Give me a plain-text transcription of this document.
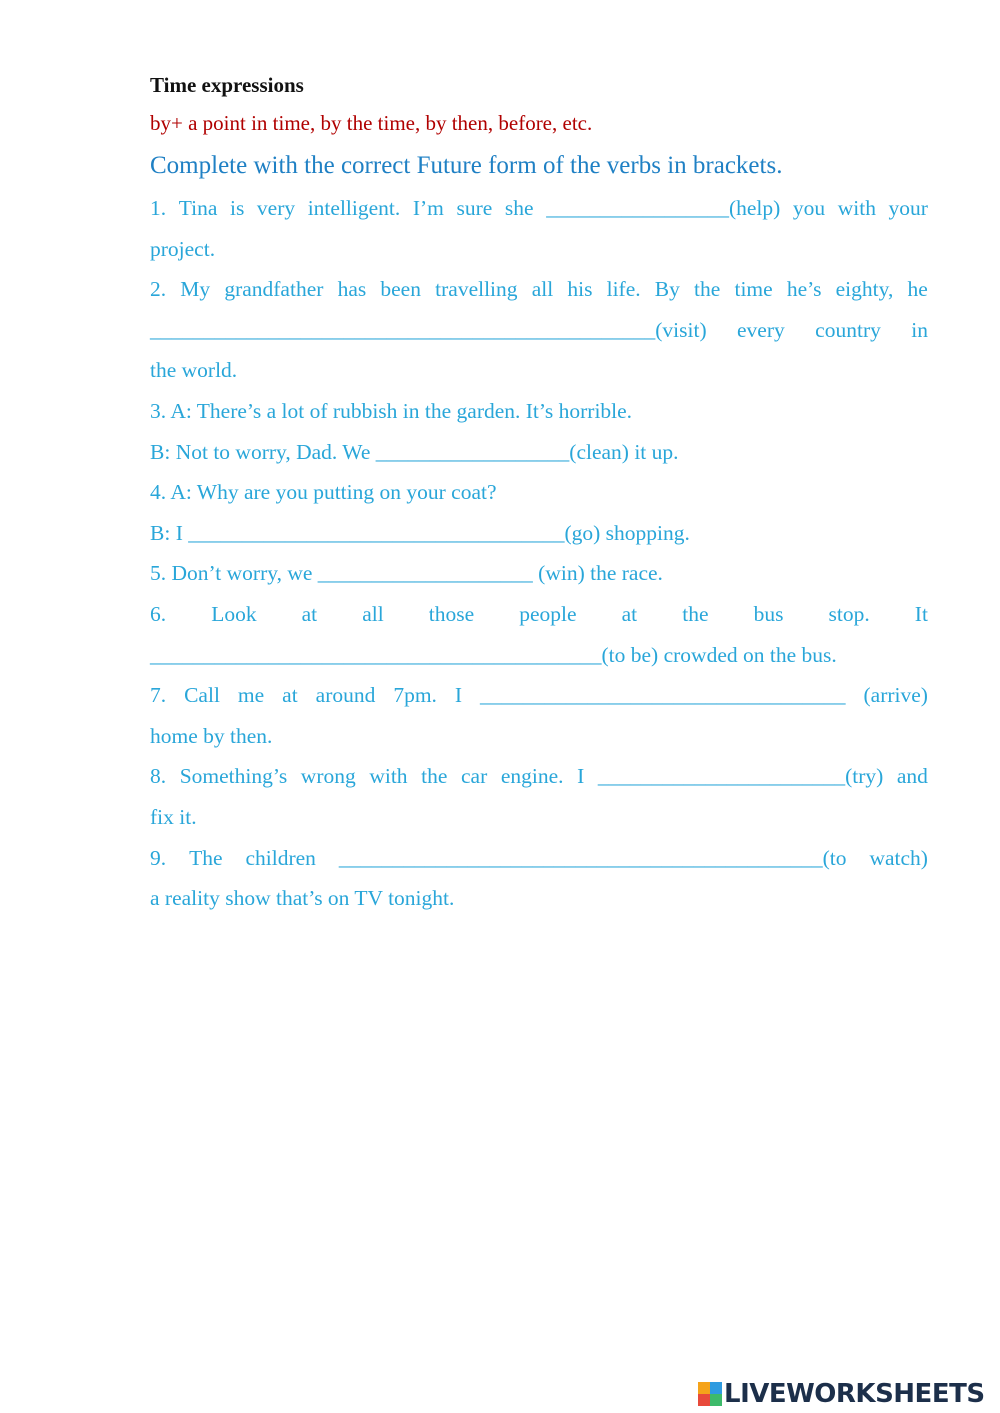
Time expressions
by+ a point in time, by the time, by then, before, etc.
Complete with the correct Future form of the verbs in brackets.
1. Tina is very intelligent. I’m sure she _________________(help) you with your
project.
2. My grandfather has been travelling all his life. By the time he’s eighty, he
_______________________________________________(visit) every country in
the world.
3. A: There’s a lot of rubbish in the garden. It’s horrible.
B: Not to worry, Dad. We __________________(clean) it up.
4. A: Why are you putting on your coat?
B: I ___________________________________(go) shopping.
5. Don’t worry, we ____________________ (win) the race.
6. Look at all those people at the bus stop. It
__________________________________________(to be) crowded on the bus.
7. Call me at around 7pm. I __________________________________ (arrive)
home by then.
8. Something’s wrong with the car engine. I _______________________(try) and
fix it.
9. The children _____________________________________________(to watch)
a reality show that’s on TV tonight.
LIVEWORKSHEETS
